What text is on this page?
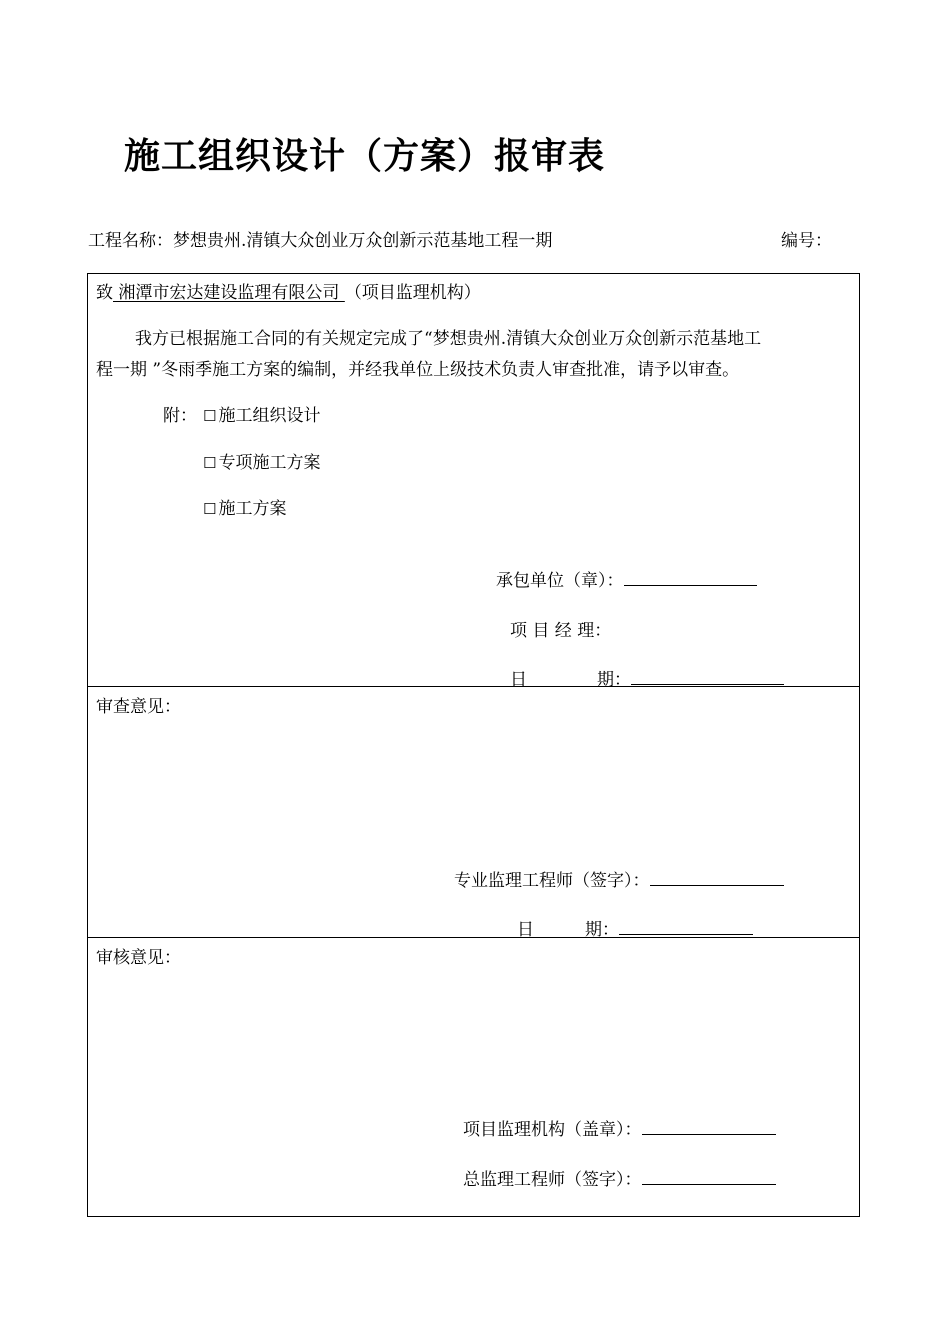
施工组织设计（方案）报审表
工程名称：梦想贵州.清镇大众创业万众创新示范基地工程一期	编号：
致 湘潭市宏达建设监理有限公司 （项目监理机构）
我方已根据施工合同的有关规定完成了“梦想贵州.清镇大众创业万众创新示范基地工
程一期 ”冬雨季施工方案的编制，并经我单位上级技术负责人审查批准，请予以审查。
附： ☐ 施工组织设计
☐ 专项施工方案
☐ 施工方案
承包单位（章）：
项 目 经 理：
日	期：
审查意见：
专业监理工程师（签字）：
日	期：
审核意见：
项目监理机构（盖章）：
总监理工程师（签字）：
